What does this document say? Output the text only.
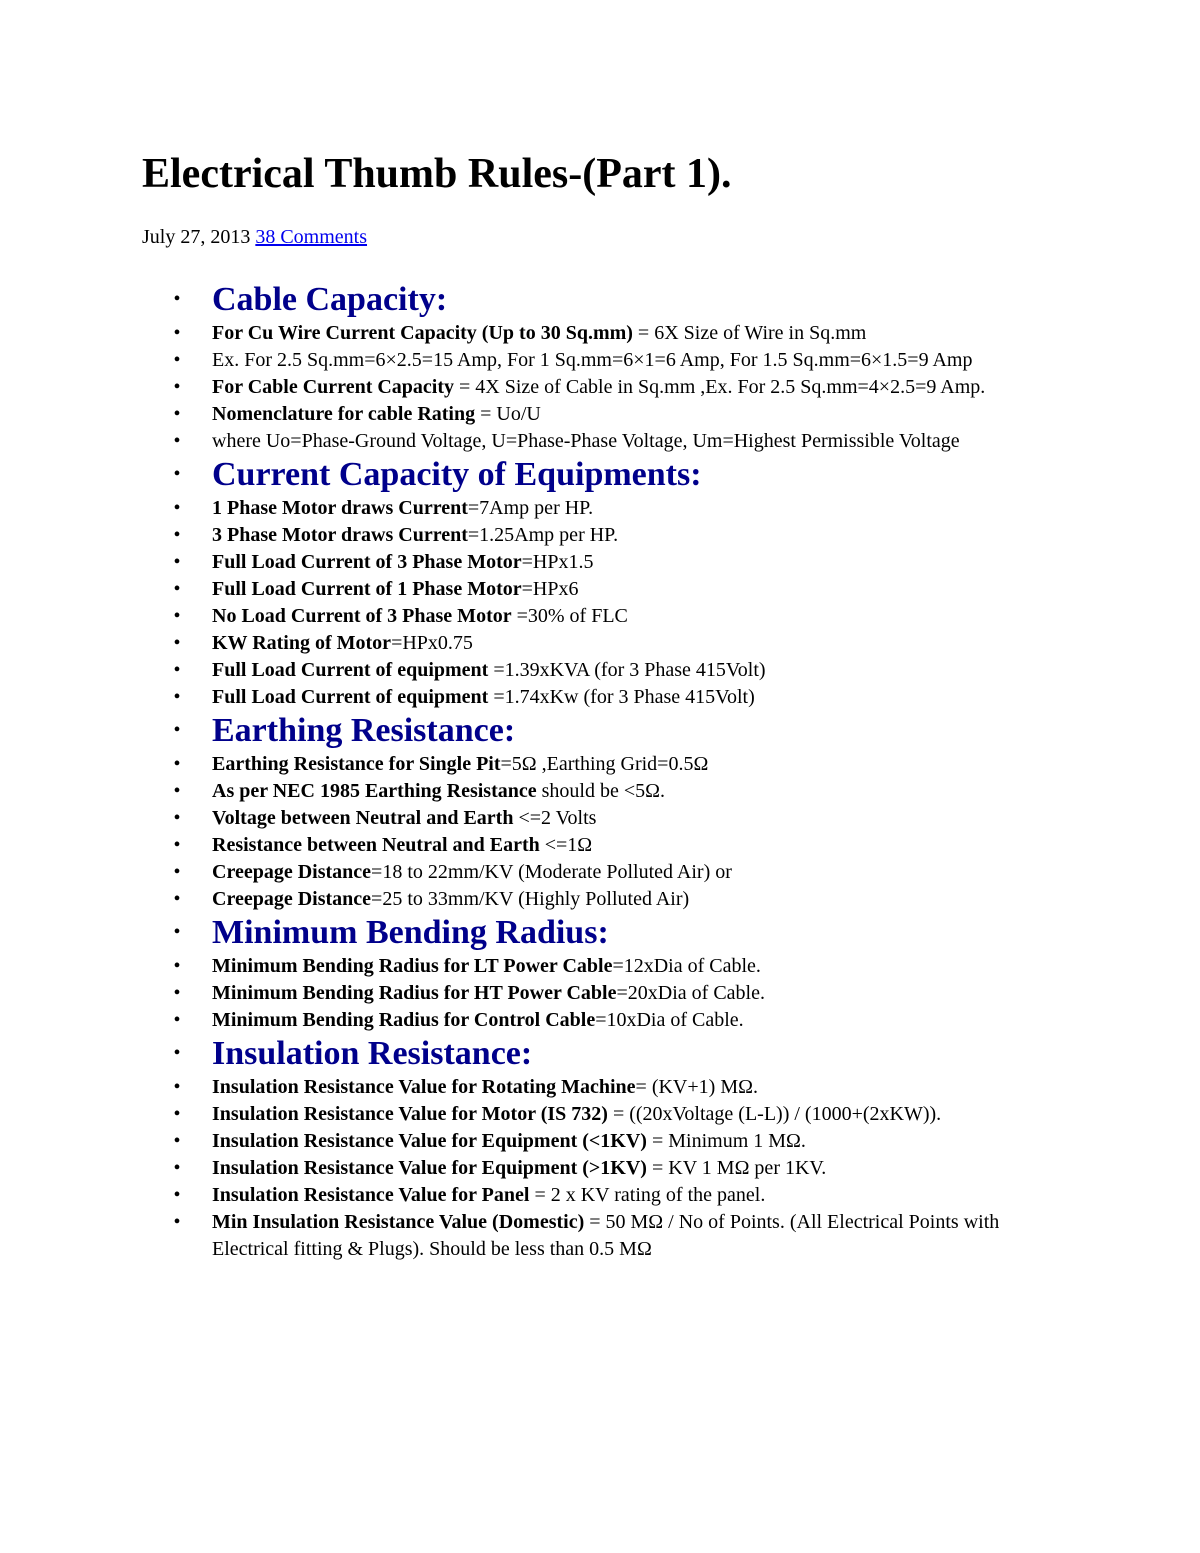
Electrical Thumb Rules-(Part 1).
July 27, 2013 38 Comments
• Cable Capacity:
• For Cu Wire Current Capacity (Up to 30 Sq.mm) = 6X Size of Wire in Sq.mm
• Ex. For 2.5 Sq.mm=6×2.5=15 Amp, For 1 Sq.mm=6×1=6 Amp, For 1.5 Sq.mm=6×1.5=9 Amp
• For Cable Current Capacity = 4X Size of Cable in Sq.mm ,Ex. For 2.5 Sq.mm=4×2.5=9 Amp.
• Nomenclature for cable Rating = Uo/U
• where Uo=Phase-Ground Voltage, U=Phase-Phase Voltage, Um=Highest Permissible Voltage
• Current Capacity of Equipments:
• 1 Phase Motor draws Current=7Amp per HP.
• 3 Phase Motor draws Current=1.25Amp per HP.
• Full Load Current of 3 Phase Motor=HPx1.5
• Full Load Current of 1 Phase Motor=HPx6
• No Load Current of 3 Phase Motor =30% of FLC
• KW Rating of Motor=HPx0.75
• Full Load Current of equipment =1.39xKVA (for 3 Phase 415Volt)
• Full Load Current of equipment =1.74xKw (for 3 Phase 415Volt)
• Earthing Resistance:
• Earthing Resistance for Single Pit=5Ω ,Earthing Grid=0.5Ω
• As per NEC 1985 Earthing Resistance should be <5Ω.
• Voltage between Neutral and Earth <=2 Volts
• Resistance between Neutral and Earth <=1Ω
• Creepage Distance=18 to 22mm/KV (Moderate Polluted Air) or
• Creepage Distance=25 to 33mm/KV (Highly Polluted Air)
• Minimum Bending Radius:
• Minimum Bending Radius for LT Power Cable=12xDia of Cable.
• Minimum Bending Radius for HT Power Cable=20xDia of Cable.
• Minimum Bending Radius for Control Cable=10xDia of Cable.
• Insulation Resistance:
• Insulation Resistance Value for Rotating Machine= (KV+1) MΩ.
• Insulation Resistance Value for Motor (IS 732) = ((20xVoltage (L-L)) / (1000+(2xKW)).
• Insulation Resistance Value for Equipment (<1KV) = Minimum 1 MΩ.
• Insulation Resistance Value for Equipment (>1KV) = KV 1 MΩ per 1KV.
• Insulation Resistance Value for Panel = 2 x KV rating of the panel.
• Min Insulation Resistance Value (Domestic) = 50 MΩ / No of Points. (All Electrical Points with Electrical fitting & Plugs). Should be less than 0.5 MΩ
